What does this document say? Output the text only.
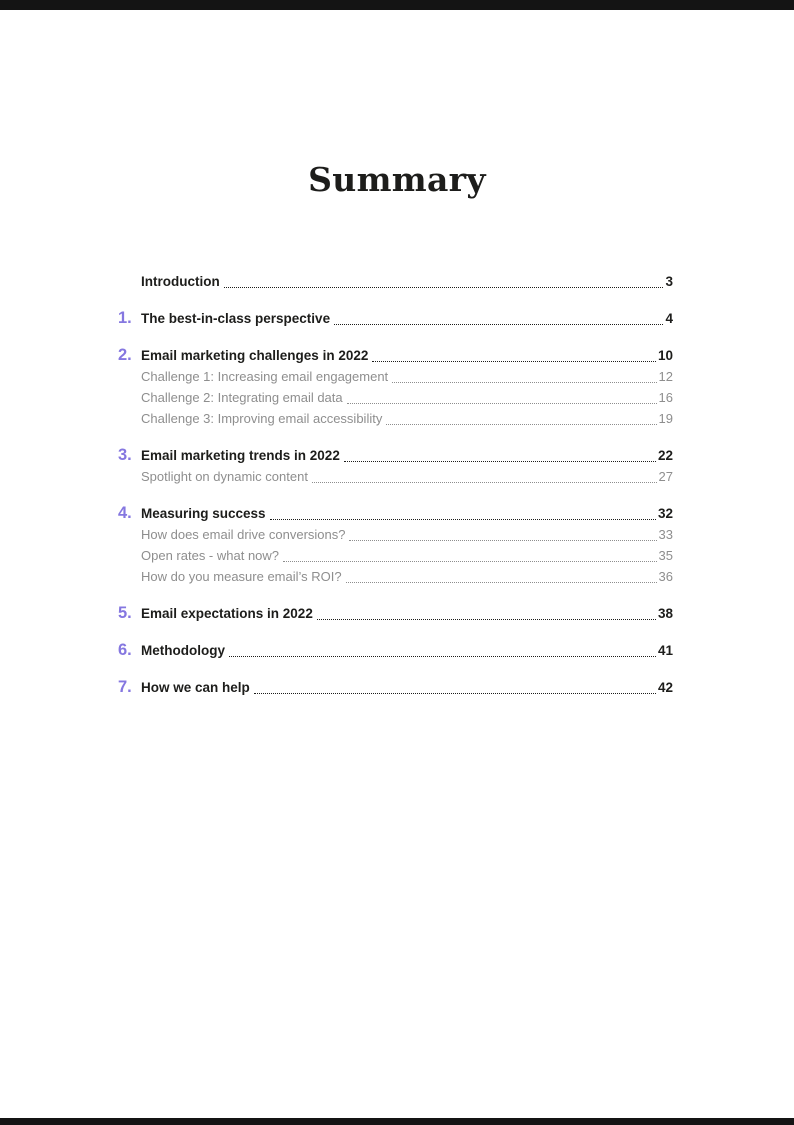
Summary
Introduction	3
1. The best-in-class perspective	4
2. Email marketing challenges in 2022	10
Challenge 1: Increasing email engagement	12
Challenge 2: Integrating email data	16
Challenge 3: Improving email accessibility	19
3. Email marketing trends in 2022	22
Spotlight on dynamic content	27
4. Measuring success	32
How does email drive conversions?	33
Open rates - what now?	35
How do you measure email’s ROI?	36
5. Email expectations in 2022	38
6. Methodology	41
7. How we can help	42
